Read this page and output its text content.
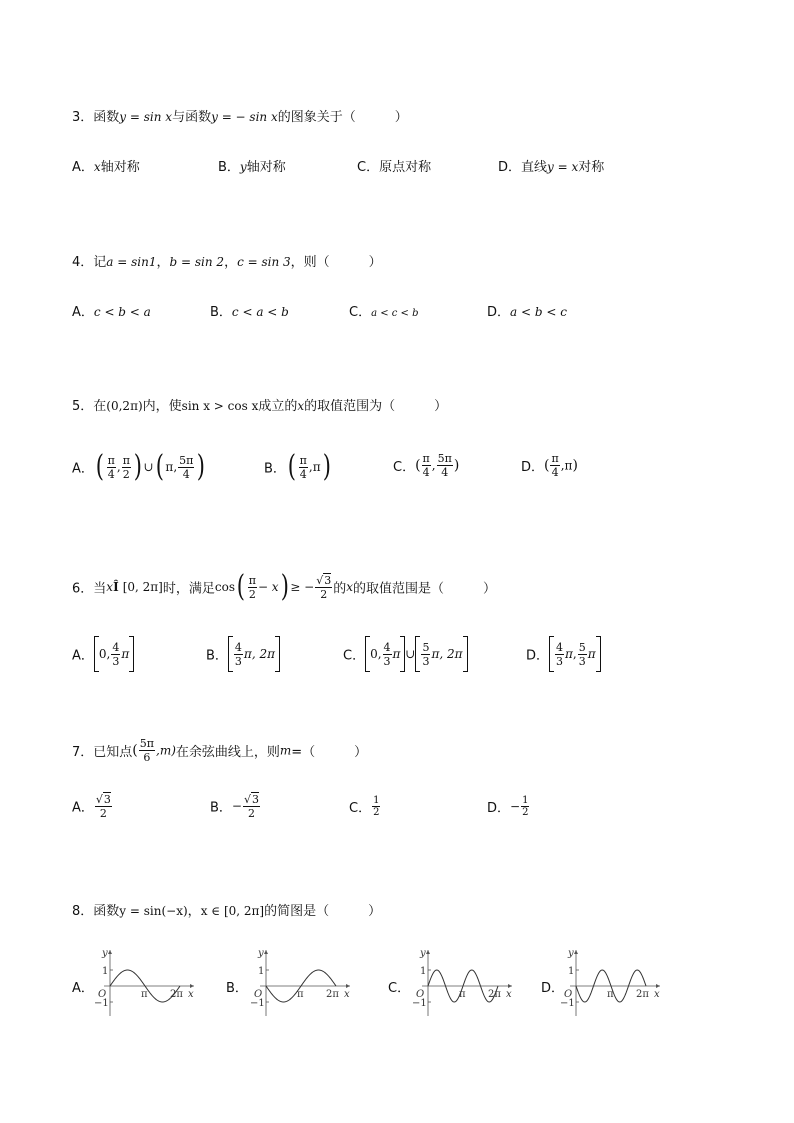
3．函数y = sin x与函数y = − sin x的图象关于（　　　）
A．x轴对称	B．y轴对称	C．原点对称	D．直线y = x对称
4．记a = sin1，b = sin 2，c = sin 3，则（　　　）
A．c < b < a	B．c < a < b	C．a < c < b	D．a < b < c
5．在(0,2π)内，使sin x > cos x成立的x的取值范围为（　　　）
A．( $\frac{\pi}{4}$ , $\frac{\pi}{2}$ ) ∪( π, $\frac{5\pi}{4}$ )	B．( $\frac{\pi}{4} ,\pi$)	C．( $\frac{\pi}{4}$ , $\frac{5\pi}{4}$ )	D．( $\frac{\pi}{4} ,\pi$)
6．当xÎ [0, 2π]时，满足$\cos( \frac{\pi}{2} - x)$ ≥ − $\frac{√3}{2}$ 的x的取值范围是（　　　）
A． 0, $\frac{4}{3}$ π	B． $\frac{4}{3} \pi$, 2π	C． 0, $\frac{4}{3}$ π ∪ $\frac{5}{3} \pi$, 2π	D． $\frac{4}{3} \pi$, $\frac{5}{3}$ π
7．已知点( $\frac{5\pi}{6} ,m$)在余弦曲线上，则m=（　　　）
A． $\frac{√3}{2}$	B．− $\frac{√3}{2}$	C． $\frac{1}{2}$	D．− $\frac{1}{2}$
8．函数y = sin(−x)，x ∈ [0, 2π]的简图是（　　　）
A．	B．	C．	D．
y
1
−1
O	π 2π x
y
1
−1
O	π 2π x
y
1
−1
O	π 2π x
y
1
−1
O	π 2π x
